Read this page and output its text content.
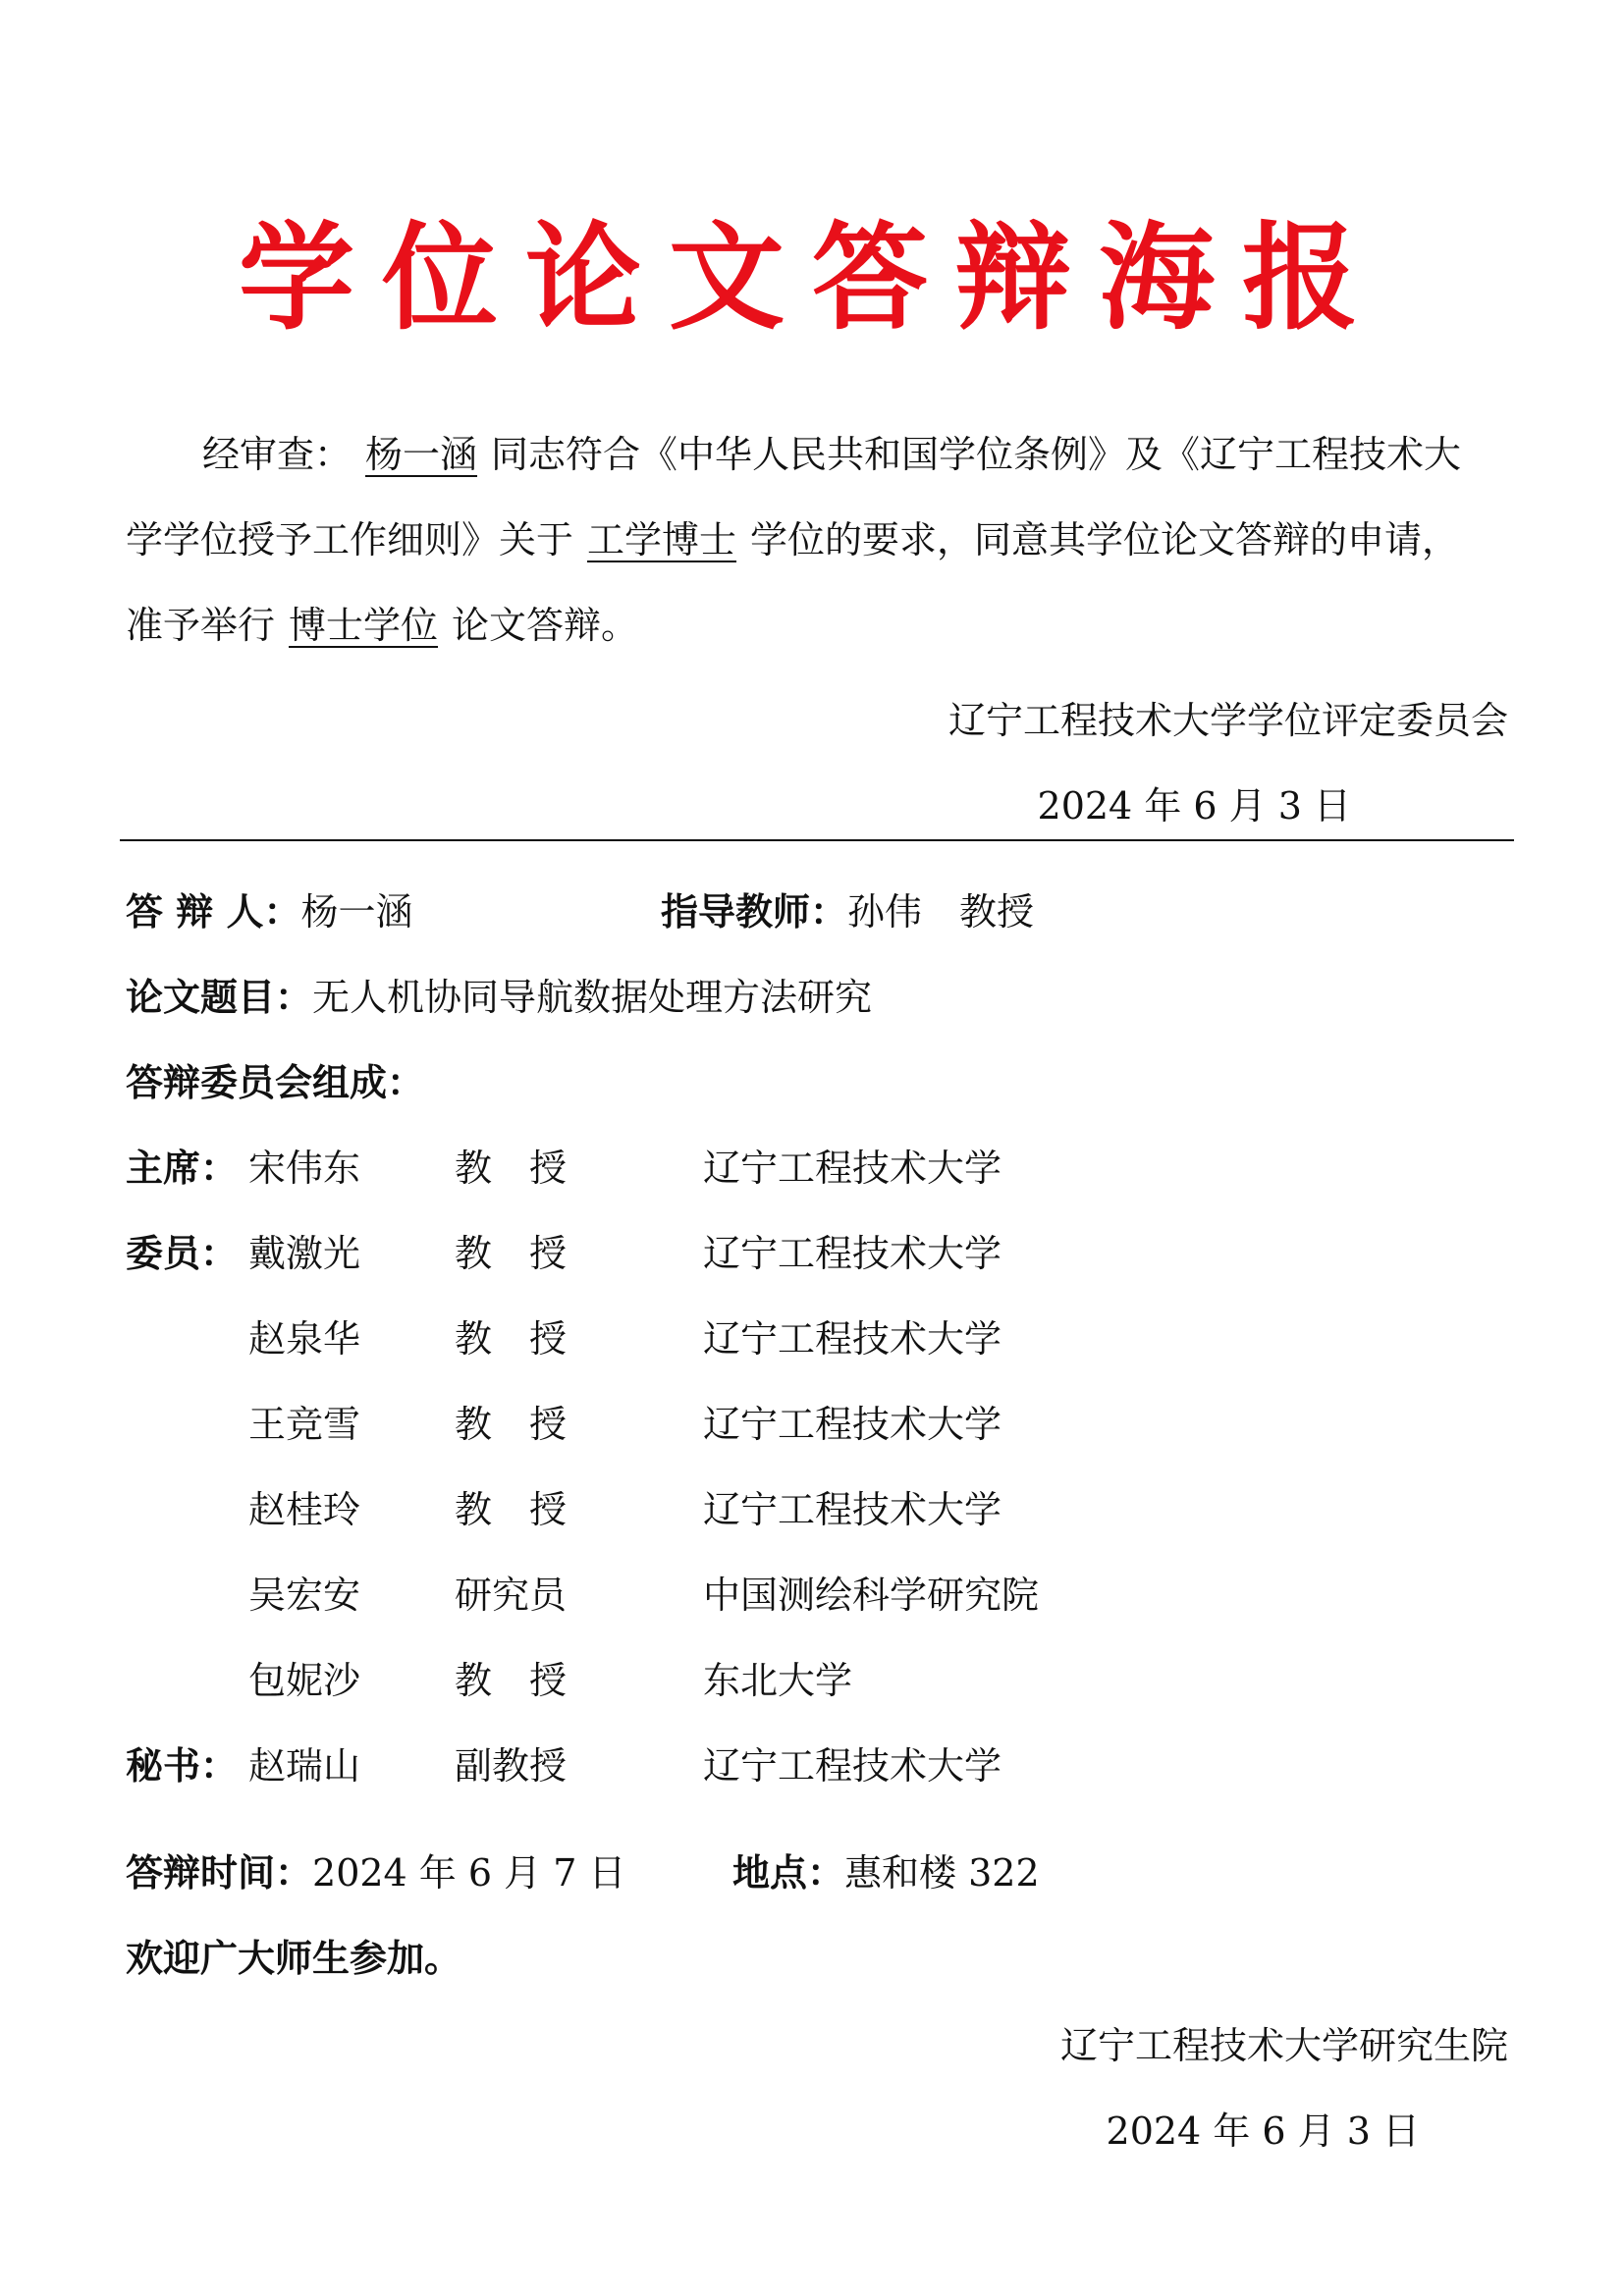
学位论文答辩海报
经审查： 杨一涵 同志符合《中华人民共和国学位条例》及《辽宁工程技术大
学学位授予工作细则》关于 工学博士 学位的要求，同意其学位论文答辩的申请，
准予举行 博士学位 论文答辩。
辽宁工程技术大学学位评定委员会
2024 年 6 月 3 日
答 辩 人：杨一涵	指导教师：孙伟　教授
论文题目：无人机协同导航数据处理方法研究
答辩委员会组成：
主席： 宋伟东	教　授	辽宁工程技术大学
委员： 戴激光	教　授	辽宁工程技术大学
赵泉华	教　授	辽宁工程技术大学
王竞雪	教　授	辽宁工程技术大学
赵桂玲	教　授	辽宁工程技术大学
吴宏安	研究员	中国测绘科学研究院
包妮沙	教　授	东北大学
秘书： 赵瑞山	副教授	辽宁工程技术大学
答辩时间：2024 年 6 月 7 日	地点：惠和楼 322
欢迎广大师生参加。
辽宁工程技术大学研究生院
2024 年 6 月 3 日
